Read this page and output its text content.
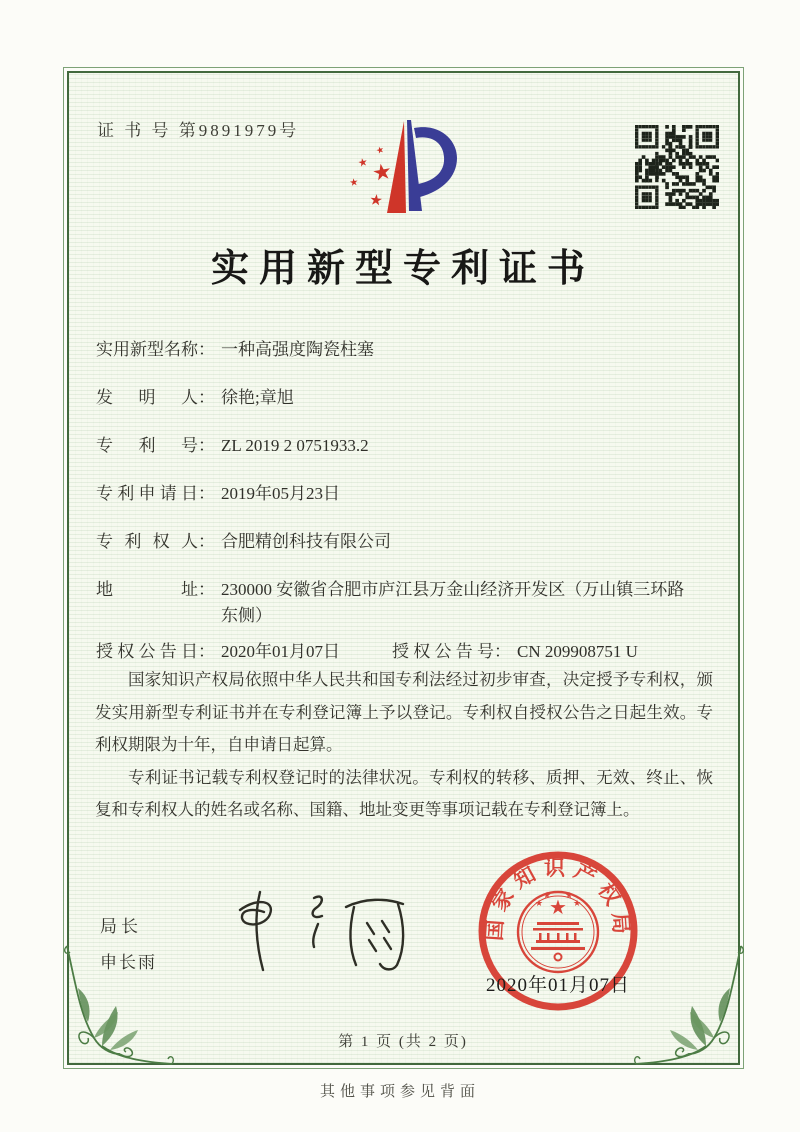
证 书 号 第9891979号
★
★
★ ★
★
实用新型专利证书
实 用 新 型 名 称 ： 一种高强度陶瓷柱塞
发 明 人 ： 徐艳;章旭
专 利 号 ： ZL 2019 2 0751933.2
专 利 申 请 日 ： 2019年05月23日
专 利 权 人 ： 合肥精创科技有限公司
地	址 ： 230000 安徽省合肥市庐江县万金山经济开发区（万山镇三环路东侧）
授 权 公 告 日 ： 2020年01月07日	授 权 公 告 号 ： CN 209908751 U

国家知识产权局依照中华人民共和国专利法经过初步审查，决定授予专利权，颁发实用新型专利证书并在专利登记簿上予以登记。专利权自授权公告之日起生效。专利权期限为十年，自申请日起算。

专利证书记载专利权登记时的法律状况。专利权的转移、质押、无效、终止、恢复和专利权人的姓名或名称、国籍、地址变更等事项记载在专利登记簿上。

局长
申长雨
国家知识产权局
★
★
★ ★
★
2020年01月07日
第 1 页 (共 2 页)
其他事项参见背面
